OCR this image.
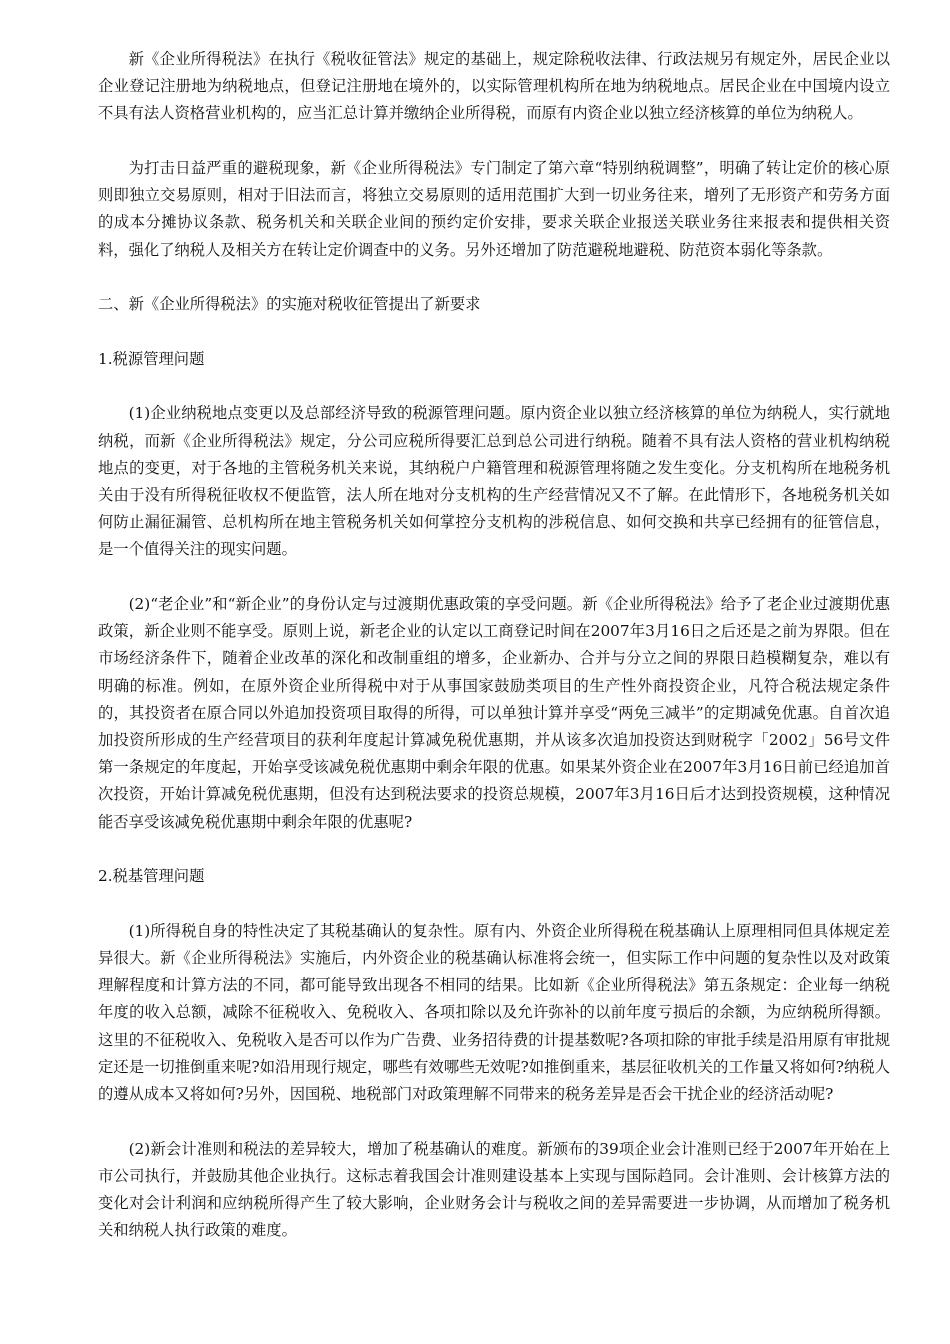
新《企业所得税法》在执行《税收征管法》规定的基础上，规定除税收法律、行政法规另有规定外，居民企业以企业登记注册地为纳税地点，但登记注册地在境外的，以实际管理机构所在地为纳税地点。居民企业在中国境内设立不具有法人资格营业机构的，应当汇总计算并缴纳企业所得税，而原有内资企业以独立经济核算的单位为纳税人。

为打击日益严重的避税现象，新《企业所得税法》专门制定了第六章“特别纳税调整”，明确了转让定价的核心原则即独立交易原则，相对于旧法而言，将独立交易原则的适用范围扩大到一切业务往来，增列了无形资产和劳务方面的成本分摊协议条款、税务机关和关联企业间的预约定价安排，要求关联企业报送关联业务往来报表和提供相关资料，强化了纳税人及相关方在转让定价调查中的义务。另外还增加了防范避税地避税、防范资本弱化等条款。

二、新《企业所得税法》的实施对税收征管提出了新要求

1.税源管理问题

(1)企业纳税地点变更以及总部经济导致的税源管理问题。原内资企业以独立经济核算的单位为纳税人，实行就地纳税，而新《企业所得税法》规定，分公司应税所得要汇总到总公司进行纳税。随着不具有法人资格的营业机构纳税地点的变更，对于各地的主管税务机关来说，其纳税户户籍管理和税源管理将随之发生变化。分支机构所在地税务机关由于没有所得税征收权不便监管，法人所在地对分支机构的生产经营情况又不了解。在此情形下，各地税务机关如何防止漏征漏管、总机构所在地主管税务机关如何掌控分支机构的涉税信息、如何交换和共享已经拥有的征管信息，是一个值得关注的现实问题。

(2)“老企业”和“新企业”的身份认定与过渡期优惠政策的享受问题。新《企业所得税法》给予了老企业过渡期优惠政策，新企业则不能享受。原则上说，新老企业的认定以工商登记时间在2007年3月16日之后还是之前为界限。但在市场经济条件下，随着企业改革的深化和改制重组的增多，企业新办、合并与分立之间的界限日趋模糊复杂，难以有明确的标准。例如，在原外资企业所得税中对于从事国家鼓励类项目的生产性外商投资企业，凡符合税法规定条件的，其投资者在原合同以外追加投资项目取得的所得，可以单独计算并享受“两免三减半”的定期减免优惠。自首次追加投资所形成的生产经营项目的获利年度起计算减免税优惠期，并从该多次追加投资达到财税字「2002」56号文件第一条规定的年度起，开始享受该减免税优惠期中剩余年限的优惠。如果某外资企业在2007年3月16日前已经追加首次投资，开始计算减免税优惠期，但没有达到税法要求的投资总规模，2007年3月16日后才达到投资规模，这种情况能否享受该减免税优惠期中剩余年限的优惠呢?

2.税基管理问题

(1)所得税自身的特性决定了其税基确认的复杂性。原有内、外资企业所得税在税基确认上原理相同但具体规定差异很大。新《企业所得税法》实施后，内外资企业的税基确认标准将会统一，但实际工作中问题的复杂性以及对政策理解程度和计算方法的不同，都可能导致出现各不相同的结果。比如新《企业所得税法》第五条规定：企业每一纳税年度的收入总额，减除不征税收入、免税收入、各项扣除以及允许弥补的以前年度亏损后的余额，为应纳税所得额。这里的不征税收入、免税收入是否可以作为广告费、业务招待费的计提基数呢?各项扣除的审批手续是沿用原有审批规定还是一切推倒重来呢?如沿用现行规定，哪些有效哪些无效呢?如推倒重来，基层征收机关的工作量又将如何?纳税人的遵从成本又将如何?另外，因国税、地税部门对政策理解不同带来的税务差异是否会干扰企业的经济活动呢?

(2)新会计准则和税法的差异较大，增加了税基确认的难度。新颁布的39项企业会计准则已经于2007年开始在上市公司执行，并鼓励其他企业执行。这标志着我国会计准则建设基本上实现与国际趋同。会计准则、会计核算方法的变化对会计利润和应纳税所得产生了较大影响，企业财务会计与税收之间的差异需要进一步协调，从而增加了税务机关和纳税人执行政策的难度。
